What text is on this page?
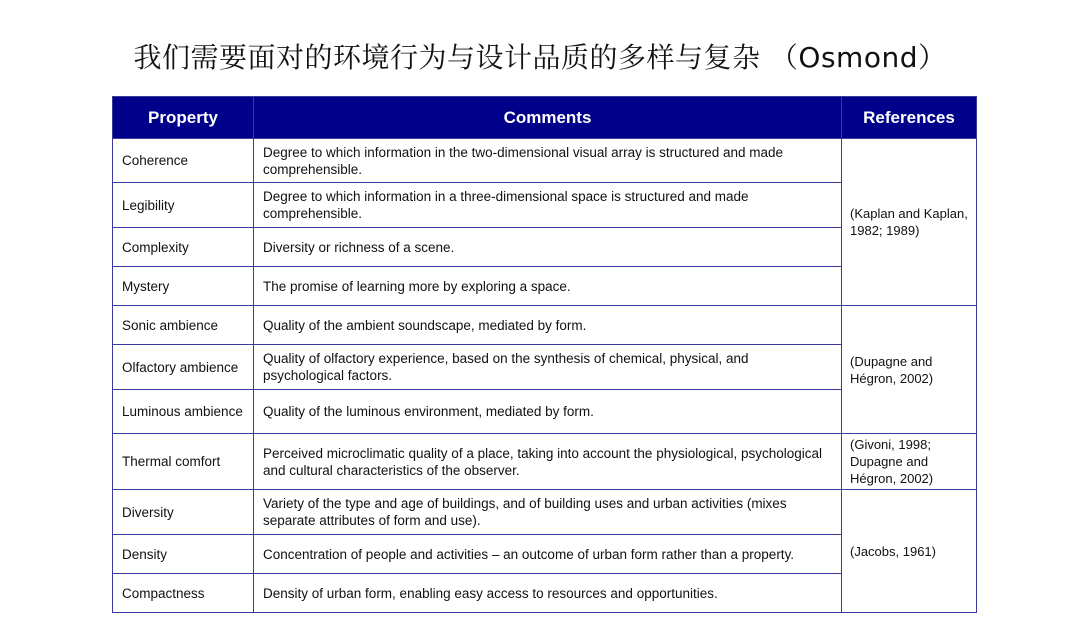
我们需要面对的环境行为与设计品质的多样与复杂 （Osmond）
Property	Comments	References
Coherence	Degree to which information in the two-dimensional visual array is structured and made comprehensible.	(Kaplan and Kaplan, 1982; 1989)
Legibility	Degree to which information in a three-dimensional space is structured and made comprehensible.	
Complexity	Diversity or richness of a scene.	
Mystery	The promise of learning more by exploring a space.	
Sonic ambience	Quality of the ambient soundscape, mediated by form.	(Dupagne and Hégron, 2002)
Olfactory ambience	Quality of olfactory experience, based on the synthesis of chemical, physical, and psychological factors.	
Luminous ambience	Quality of the luminous environment, mediated by form.	
Thermal comfort	Perceived microclimatic quality of a place, taking into account the physiological, psychological and cultural characteristics of the observer.	(Givoni, 1998; Dupagne and Hégron, 2002)
Diversity	Variety of the type and age of buildings, and of building uses and urban activities (mixes separate attributes of form and use).	(Jacobs, 1961)
Density	Concentration of people and activities – an outcome of urban form rather than a property.	
Compactness	Density of urban form, enabling easy access to resources and opportunities.	
